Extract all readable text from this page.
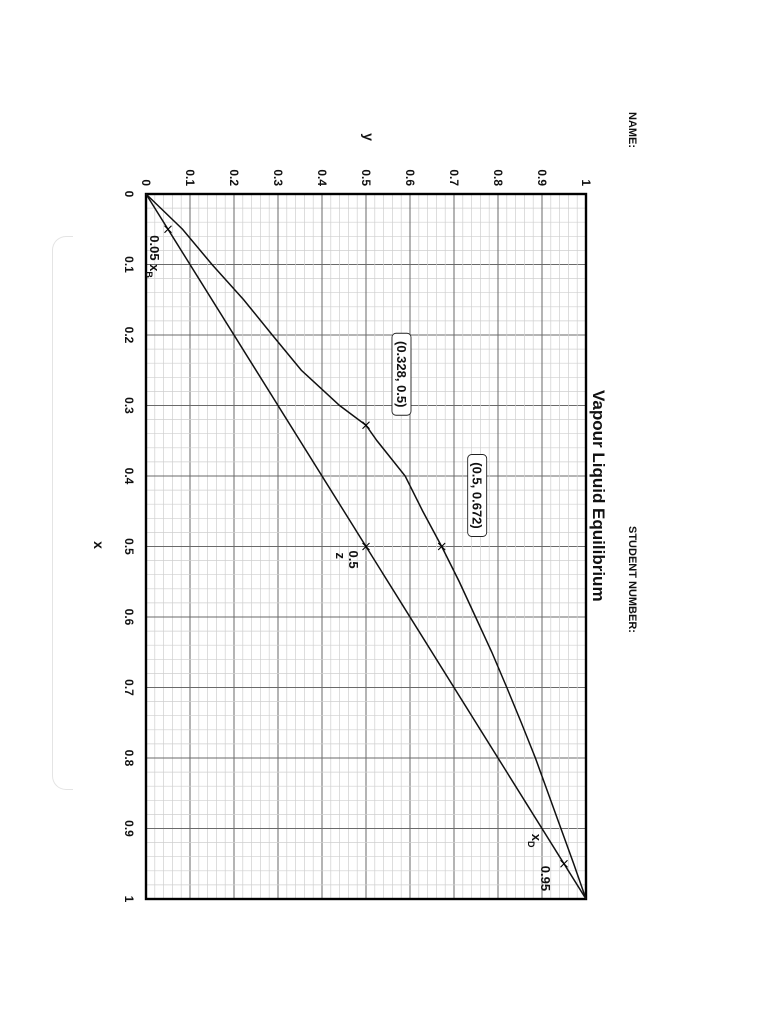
NAME:
STUDENT NUMBER:
Vapour Liquid Equilibrium
y
x
0
0.1
0.2
0.3
0.4
0.5
0.6
0.7
0.8
0.9
1
0	0.1	0.2	0.3	0.4	0.5	0.6	0.7	0.8	0.9	1
(0.328, 0.5)
(0.5, 0.672)
0.05 $x_B$
0.5z
$x_D0.95$
